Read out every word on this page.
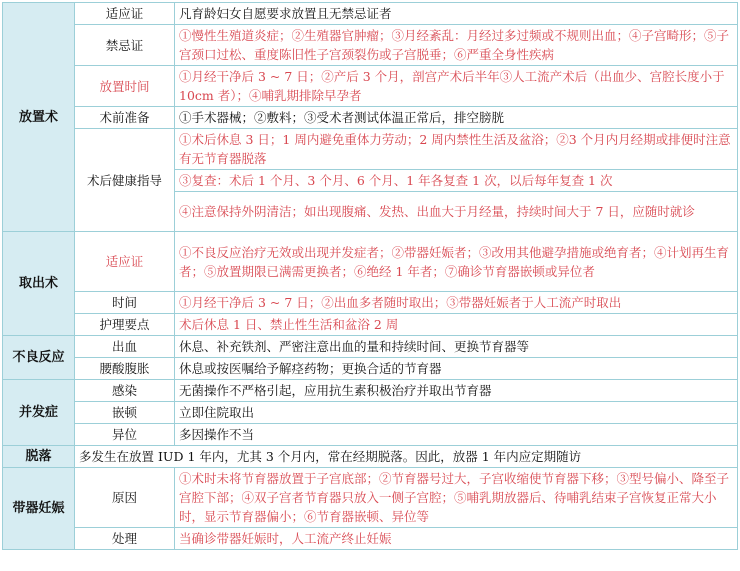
放置术	适应证	凡育龄妇女自愿要求放置且无禁忌证者
	禁忌证	①慢性生殖道炎症；②生殖器官肿瘤；③月经紊乱：月经过多过频或不规则出血；④子宫畸形；⑤子宫颈口过松、重度陈旧性子宫颈裂伤或子宫脱垂；⑥严重全身性疾病
	放置时间	①月经干净后 3 ~ 7 日；②产后 3 个月，剖宫产术后半年③人工流产术后（出血少、宫腔长度小于 10cm 者）；④哺乳期排除早孕者
	术前准备	①手术器械；②敷料；③受术者测试体温正常后，排空膀胱
	术后健康指导	①术后休息 3 日；1 周内避免重体力劳动；2 周内禁性生活及盆浴；②3 个月内月经期或排便时注意有无节育器脱落
		③复查：术后 1 个月、3 个月、6 个月、1 年各复查 1 次，以后每年复查 1 次
		④注意保持外阴清洁；如出现腹痛、发热、出血大于月经量，持续时间大于 7 日，应随时就诊
取出术	适应证	①不良反应治疗无效或出现并发症者；②带器妊娠者；③改用其他避孕措施或绝育者；④计划再生育者；⑤放置期限已满需更换者；⑥绝经 1 年者；⑦确诊节育器嵌顿或异位者
	时间	①月经干净后 3 ~ 7 日；②出血多者随时取出；③带器妊娠者于人工流产时取出
	护理要点	术后休息 1 日、禁止性生活和盆浴 2 周
不良反应	出血	休息、补充铁剂、严密注意出血的量和持续时间、更换节育器等
	腰酸腹胀	休息或按医嘱给予解痉药物；更换合适的节育器
并发症	感染	无菌操作不严格引起，应用抗生素积极治疗并取出节育器
	嵌顿	立即住院取出
	异位	多因操作不当
脱落	多发生在放置 IUD 1 年内，尤其 3 个月内，常在经期脱落。因此，放器 1 年内应定期随访	
带器妊娠	原因	①术时未将节育器放置于子宫底部；②节育器号过大，子宫收缩使节育器下移；③型号偏小、降至子宫腔下部；④双子宫者节育器只放入一侧子宫腔；⑤哺乳期放器后、待哺乳结束子宫恢复正常大小时，显示节育器偏小；⑥节育器嵌顿、异位等
	处理	当确诊带器妊娠时，人工流产终止妊娠
